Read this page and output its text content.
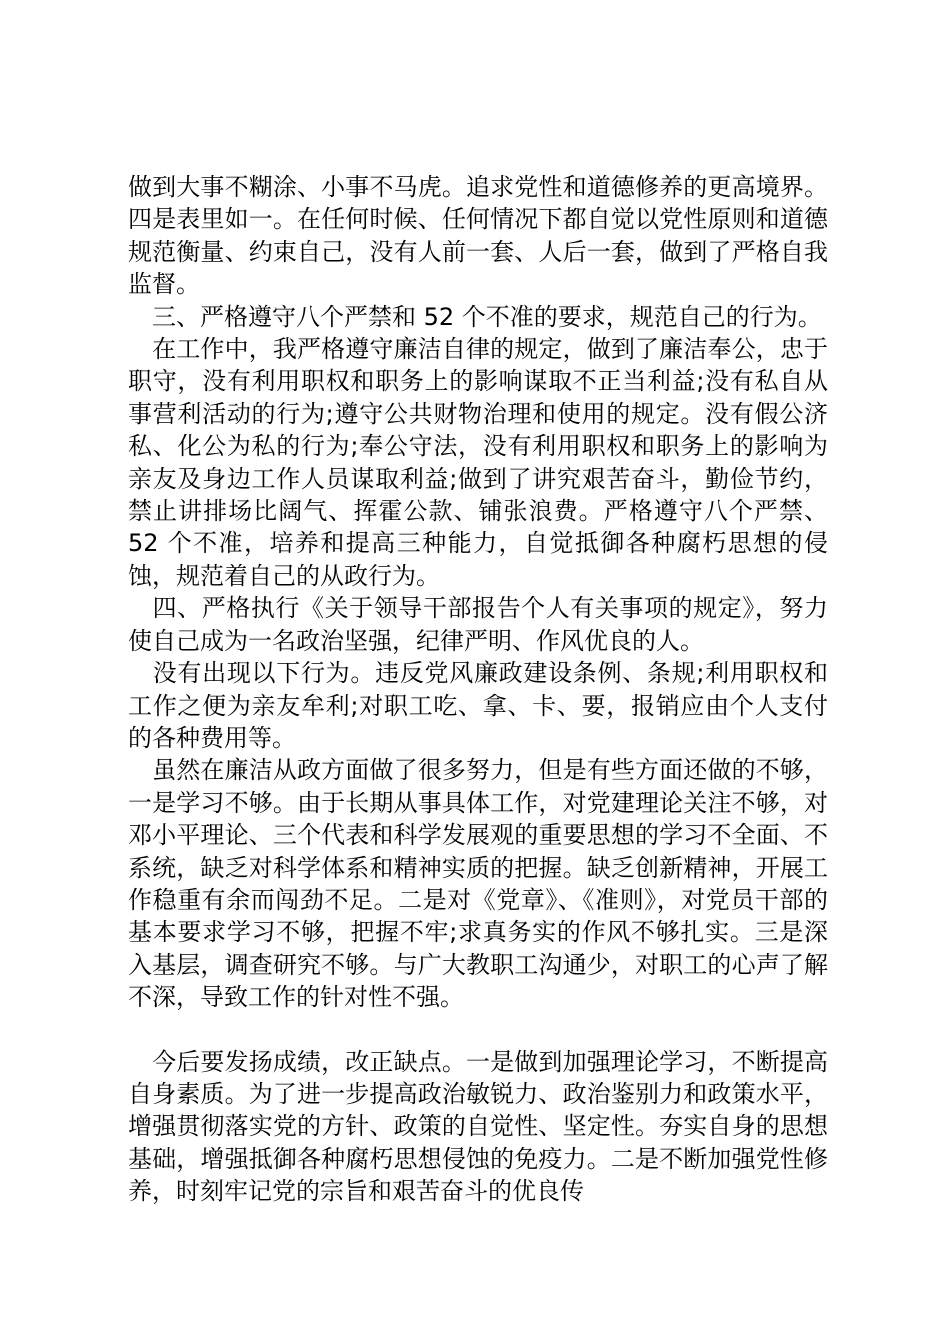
做到大事不糊涂、小事不马虎。追求党性和道德修养的更高境界。四是表里如一。在任何时候、任何情况下都自觉以党性原则和道德规范衡量、约束自己，没有人前一套、人后一套，做到了严格自我监督。

　三、严格遵守八个严禁和 52 个不准的要求，规范自己的行为。

　在工作中，我严格遵守廉洁自律的规定，做到了廉洁奉公，忠于职守，没有利用职权和职务上的影响谋取不正当利益;没有私自从事营利活动的行为;遵守公共财物治理和使用的规定。没有假公济私、化公为私的行为;奉公守法，没有利用职权和职务上的影响为亲友及身边工作人员谋取利益;做到了讲究艰苦奋斗，勤俭节约，禁止讲排场比阔气、挥霍公款、铺张浪费。严格遵守八个严禁、52 个不准，培养和提高三种能力，自觉抵御各种腐朽思想的侵蚀，规范着自己的从政行为。

　四、严格执行《关于领导干部报告个人有关事项的规定》，努力使自己成为一名政治坚强，纪律严明、作风优良的人。

　没有出现以下行为。违反党风廉政建设条例、条规;利用职权和工作之便为亲友牟利;对职工吃、拿、卡、要，报销应由个人支付的各种费用等。

　虽然在廉洁从政方面做了很多努力，但是有些方面还做的不够，一是学习不够。由于长期从事具体工作，对党建理论关注不够，对邓小平理论、三个代表和科学发展观的重要思想的学习不全面、不系统，缺乏对科学体系和精神实质的把握。缺乏创新精神，开展工作稳重有余而闯劲不足。二是对《党章》、《准则》，对党员干部的基本要求学习不够，把握不牢;求真务实的作风不够扎实。三是深入基层，调查研究不够。与广大教职工沟通少，对职工的心声了解不深，导致工作的针对性不强。

　今后要发扬成绩，改正缺点。一是做到加强理论学习，不断提高自身素质。为了进一步提高政治敏锐力、政治鉴别力和政策水平，增强贯彻落实党的方针、政策的自觉性、坚定性。夯实自身的思想基础，增强抵御各种腐朽思想侵蚀的免疫力。二是不断加强党性修养，时刻牢记党的宗旨和艰苦奋斗的优良传
